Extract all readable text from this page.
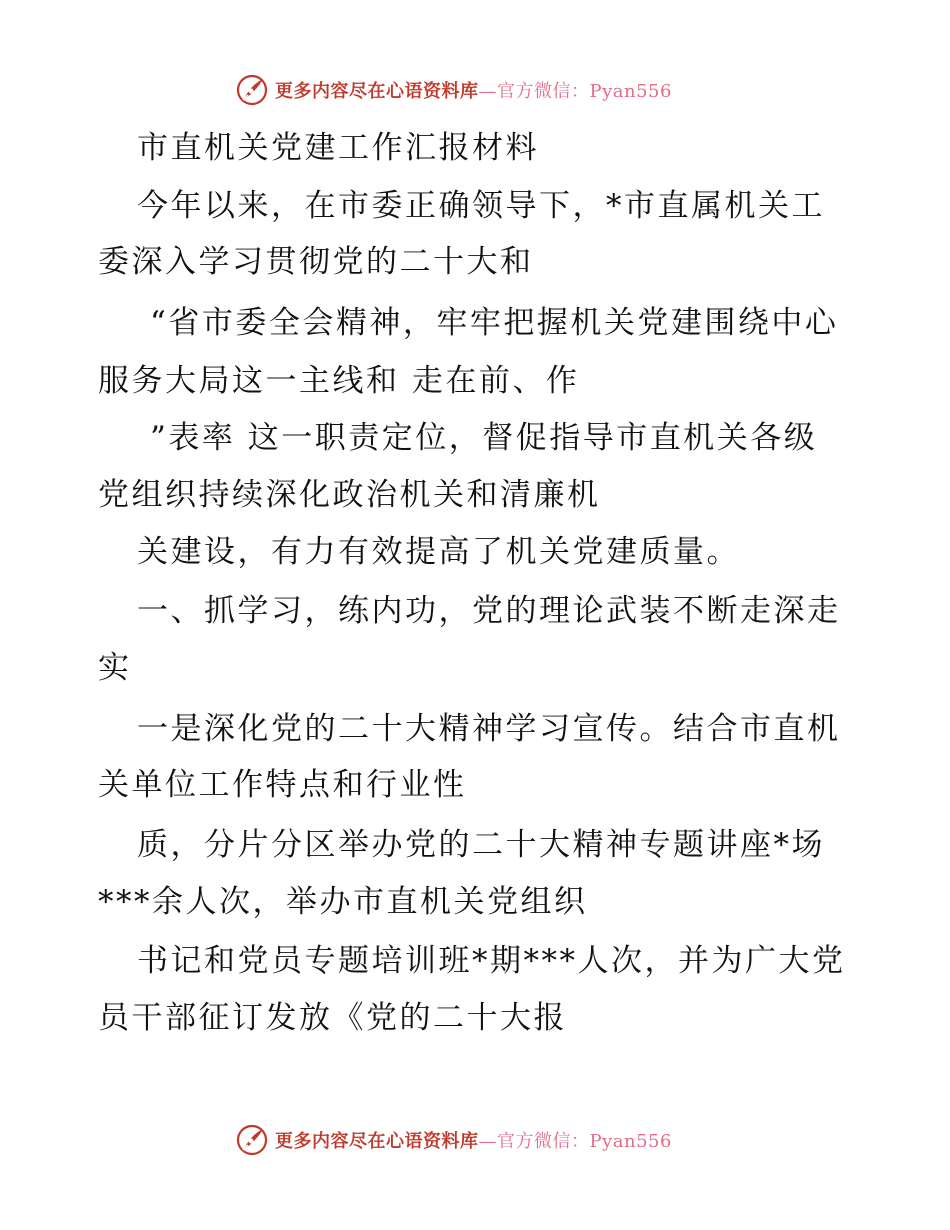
更多内容尽在心语资料库—官方微信：Pyan556
市直机关党建工作汇报材料
今年以来，在市委正确领导下，*市直属机关工
委深入学习贯彻党的二十大和
“省市委全会精神，牢牢把握机关党建围绕中心
服务大局这一主线和 走在前、作
”表率 这一职责定位，督促指导市直机关各级
党组织持续深化政治机关和清廉机
关建设，有力有效提高了机关党建质量。
一、抓学习，练内功，党的理论武装不断走深走
实
一是深化党的二十大精神学习宣传。结合市直机
关单位工作特点和行业性
质，分片分区举办党的二十大精神专题讲座*场
***余人次，举办市直机关党组织
书记和党员专题培训班*期***人次，并为广大党
员干部征订发放《党的二十大报
更多内容尽在心语资料库—官方微信：Pyan556
